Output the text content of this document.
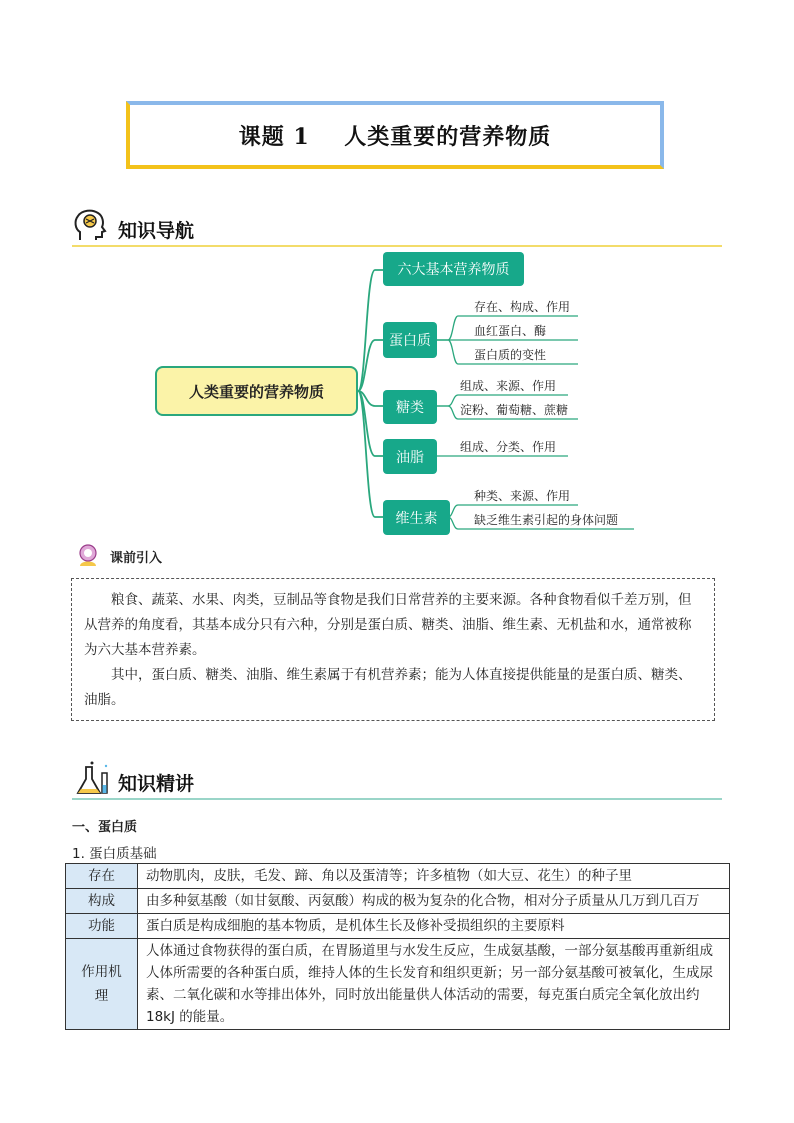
课题 1    人类重要的营养物质
知识导航
人类重要的营养物质
六大基本营养物质
蛋白质
糖类
油脂
维生素
存在、构成、作用
血红蛋白、酶
蛋白质的变性
组成、来源、作用
淀粉、葡萄糖、蔗糖
组成、分类、作用
种类、来源、作用
缺乏维生素引起的身体问题
课前引入

粮食、蔬菜、水果、肉类，豆制品等食物是我们日常营养的主要来源。各种食物看似千差万别，但从营养的角度看，其基本成分只有六种，分别是蛋白质、糖类、油脂、维生素、无机盐和水，通常被称为六大基本营养素。

其中，蛋白质、糖类、油脂、维生素属于有机营养素；能为人体直接提供能量的是蛋白质、糖类、油脂。

知识精讲
一、蛋白质
1. 蛋白质基础
存在	动物肌肉，皮肤，毛发、蹄、角以及蛋清等；许多植物（如大豆、花生）的种子里
构成	由多种氨基酸（如甘氨酸、丙氨酸）构成的极为复杂的化合物，相对分子质量从几万到几百万
功能	蛋白质是构成细胞的基本物质，是机体生长及修补受损组织的主要原料
作用机理	人体通过食物获得的蛋白质，在胃肠道里与水发生反应，生成氨基酸，一部分氨基酸再重新组成人体所需要的各种蛋白质，维持人体的生长发育和组织更新；另一部分氨基酸可被氧化，生成尿素、二氧化碳和水等排出体外，同时放出能量供人体活动的需要，每克蛋白质完全氧化放出约 18kJ 的能量。
